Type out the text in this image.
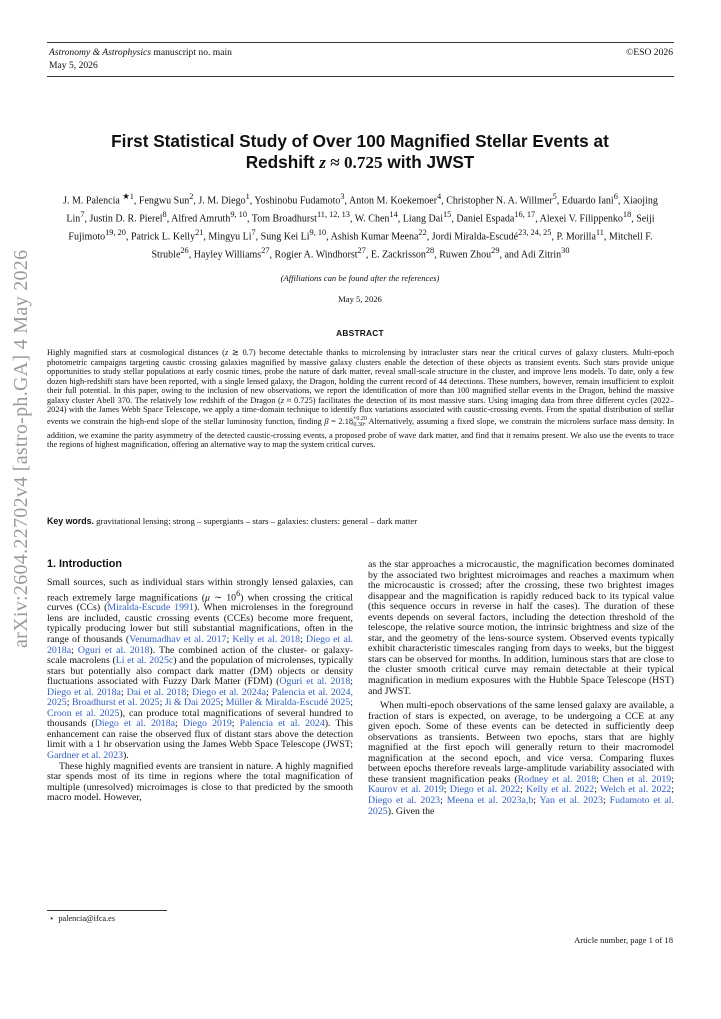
Astronomy & Astrophysics manuscript no. main
May 5, 2026
©ESO 2026
arXiv:2604.22702v4 [astro-ph.GA] 4 May 2026
First Statistical Study of Over 100 Magnified Stellar Events at
Redshift z ≈ 0.725 with JWST
J. M. Palencia $^{★1}$, Fengwu Sun$^2$, J. M. Diego$^1$, Yoshinobu Fudamoto$^3$, Anton M. Koekemoer$^4$, Christopher N. A. Willmer$^5$, Eduardo Iani$^6$, Xiaojing Lin$^7$, Justin D. R. Pierel$^8$, Alfred Amruth$^{9, 10}$, Tom Broadhurst$^{11, 12, 13}$, W. Chen$^{14}$, Liang Dai$^{15}$, Daniel Espada$^{16, 17}$, Alexei V. Filippenko$^{18}$, Seiji Fujimoto$^{19, 20}$, Patrick L. Kelly$^{21}$, Mingyu Li$^7$, Sung Kei Li$^{9, 10}$, Ashish Kumar Meena$^{22}$, Jordi Miralda-Escudé$^{23, 24, 25}$, P. Morilla$^{11}$, Mitchell F. Struble$^{26}$, Hayley Williams$^{27}$, Rogier A. Windhorst$^{27}$, E. Zackrisson$^{28}$, Ruwen Zhou$^{29}$, and Adi Zitrin$^{30}$
(Affiliations can be found after the references)
May 5, 2026
ABSTRACT
Highly magnified stars at cosmological distances (z ≳ 0.7) become detectable thanks to microlensing by intracluster stars near the critical curves of galaxy clusters. Multi-epoch photometric campaigns targeting caustic crossing galaxies magnified by massive galaxy clusters enable the detection of these objects as transient events. Such stars provide unique opportunities to study stellar populations at early cosmic times, probe the nature of dark matter, reveal small-scale structure in the cluster, and improve lens models. To date, only a few dozen high-redshift stars have been reported, with a single lensed galaxy, the Dragon, holding the current record of 44 detections. These numbers, however, remain insufficient to exploit their full potential. In this paper, owing to the inclusion of new observations, we report the identification of more than 100 magnified stellar events in the Dragon, behind the massive galaxy cluster Abell 370. The relatively low redshift of the Dragon (z ≈ 0.725) facilitates the detection of its most massive stars. Using imaging data from three different cycles (2022–2024) with the James Webb Space Telescope, we apply a time-domain technique to identify flux variations associated with caustic-crossing events. From the spatial distribution of stellar events we constrain the high-end slope of the stellar luminosity function, finding $\beta = 2.18^{+0.20}_{-0.30}$. Alternatively, assuming a fixed slope, we constrain the microlens surface mass density. In addition, we examine the parity asymmetry of the detected caustic-crossing events, a proposed probe of wave dark matter, and find that it remains present. We also use the events to trace the regions of highest magnification, offering an alternative way to map the system critical curves.
Key words. gravitational lensing: strong – supergiants – stars – galaxies: clusters: general – dark matter
1. Introduction

Small sources, such as individual stars within strongly lensed galaxies, can reach extremely large magnifications (μ ∼ $10^6$) when crossing the critical curves (CCs) (Miralda-Escude 1991). When microlenses in the foreground lens are included, caustic crossing events (CCEs) become more frequent, typically producing lower but still substantial magnifications, often in the range of thousands (Venumadhav et al. 2017; Kelly et al. 2018; Diego et al. 2018a; Oguri et al. 2018). The combined action of the cluster- or galaxy-scale macrolens (Li et al. 2025c) and the population of microlenses, typically stars but potentially also compact dark matter (DM) objects or density fluctuations associated with Fuzzy Dark Matter (FDM) (Oguri et al. 2018; Diego et al. 2018a; Dai et al. 2018; Diego et al. 2024a; Palencia et al. 2024, 2025; Broadhurst et al. 2025; Ji & Dai 2025; Müller & Miralda-Escudé 2025; Croon et al. 2025), can produce total magnifications of several hundred to thousands (Diego et al. 2018a; Diego 2019; Palencia et al. 2024). This enhancement can raise the observed flux of distant stars above the detection limit with a 1 hr observation using the James Webb Space Telescope (JWST; Gardner et al. 2023).

These highly magnified events are transient in nature. A highly magnified star spends most of its time in regions where the total magnification of multiple (unresolved) microimages is close to that predicted by the smooth macro model. However,

as the star approaches a microcaustic, the magnification becomes dominated by the associated two brightest microimages and reaches a maximum when the microcaustic is crossed; after the crossing, these two brightest images disappear and the magnification is rapidly reduced back to its typical value (this sequence occurs in reverse in half the cases). The duration of these events depends on several factors, including the detection threshold of the telescope, the relative source motion, the intrinsic brightness and size of the star, and the geometry of the lens-source system. Observed events typically exhibit characteristic timescales ranging from days to weeks, but the biggest stars can be observed for months. In addition, luminous stars that are close to the cluster smooth critical curve may remain detectable at their typical magnification in medium exposures with the Hubble Space Telescope (HST) and JWST.

When multi-epoch observations of the same lensed galaxy are available, a fraction of stars is expected, on average, to be undergoing a CCE at any given epoch. Some of these events can be detected in sufficiently deep observations as transients. Between two epochs, stars that are highly magnified at the first epoch will generally return to their macromodel magnification at the second epoch, and vice versa. Comparing fluxes between epochs therefore reveals large-amplitude variability associated with these transient magnification peaks (Rodney et al. 2018; Chen et al. 2019; Kaurov et al. 2019; Diego et al. 2022; Kelly et al. 2022; Welch et al. 2022; Diego et al. 2023; Meena et al. 2023a,b; Yan et al. 2023; Fudamoto et al. 2025). Given the

⋆ palencia@ifca.es
Article number, page 1 of 18
